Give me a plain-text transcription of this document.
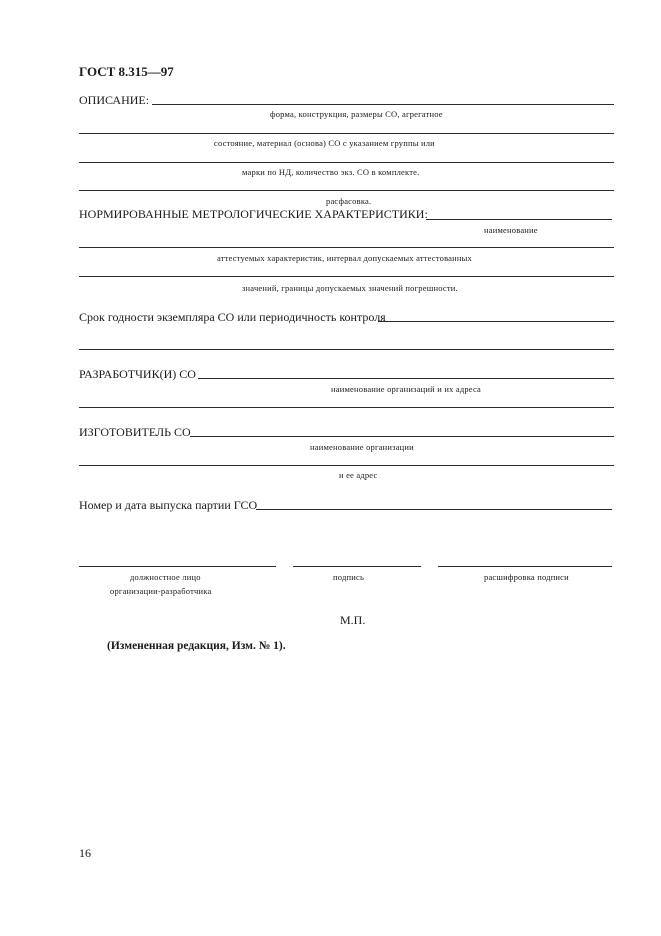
ГОСТ 8.315—97
ОПИСАНИЕ:
форма, конструкция, размеры СО, агрегатное
состояние, материал (основа) СО с указанием группы или
марки по НД, количество экз. СО в комплекте.
расфасовка.
НОРМИРОВАННЫЕ МЕТРОЛОГИЧЕСКИЕ ХАРАКТЕРИСТИКИ:
наименование
аттестуемых характеристик, интервал допускаемых аттестованных
значений, границы допускаемых значений погрешности.
Срок годности экземпляра СО или периодичность контроля
РАЗРАБОТЧИК(И) СО
наименование организаций и их адреса
ИЗГОТОВИТЕЛЬ СО
наименование организации
и ее адрес
Номер и дата выпуска партии ГСО
должностное лицо
организации-разработчика
подпись	расшифровка подписи
М.П.
(Измененная редакция, Изм. № 1).
16
